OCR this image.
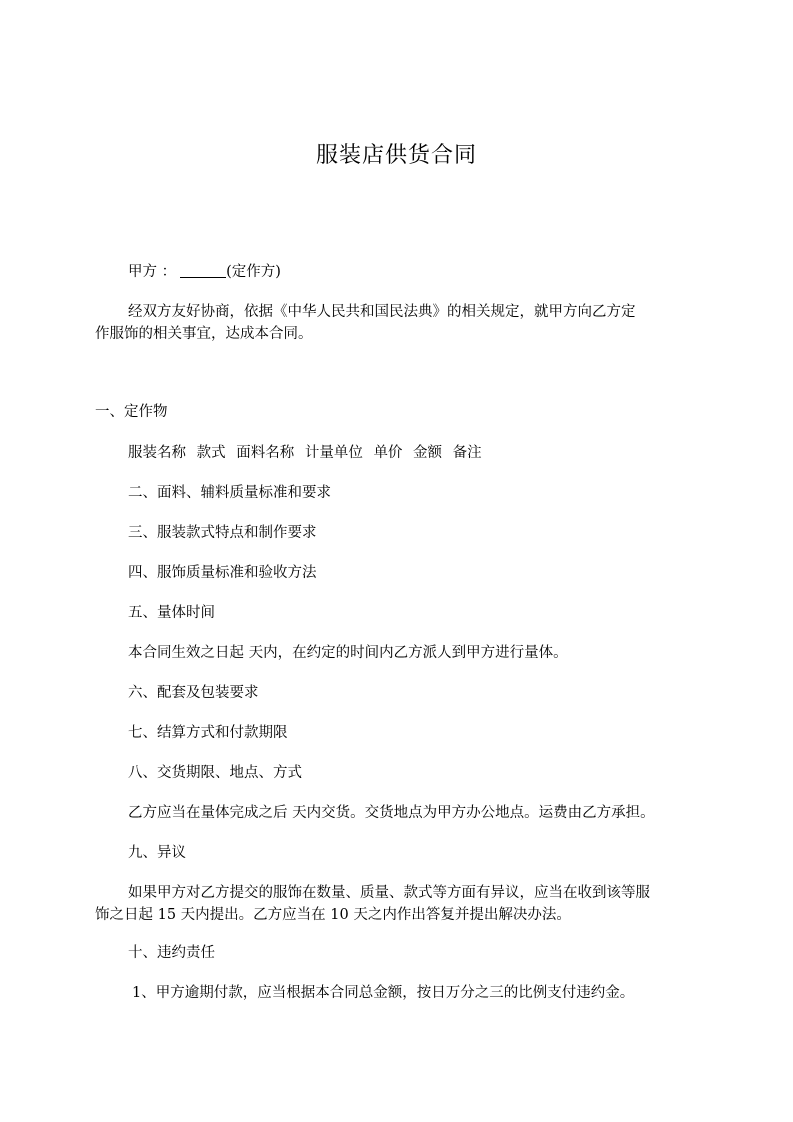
服装店供货合同
甲方 ：	(定作方)
经双方友好协商，依据《中华人民共和国民法典》的相关规定，就甲方向乙方定
作服饰的相关事宜，达成本合同。
一、定作物
服装名称 款式 面料名称 计量单位 单价 金额 备注
二、面料、辅料质量标准和要求
三、服装款式特点和制作要求
四、服饰质量标准和验收方法
五、量体时间
本合同生效之日起 天内，在约定的时间内乙方派人到甲方进行量体。
六、配套及包装要求
七、结算方式和付款期限
八、交货期限、地点、方式
乙方应当在量体完成之后 天内交货。交货地点为甲方办公地点。运费由乙方承担。
九、异议
如果甲方对乙方提交的服饰在数量、质量、款式等方面有异议，应当在收到该等服
饰之日起 15 天内提出。乙方应当在 10 天之内作出答复并提出解决办法。
十、违约责任
1、甲方逾期付款，应当根据本合同总金额，按日万分之三的比例支付违约金。
